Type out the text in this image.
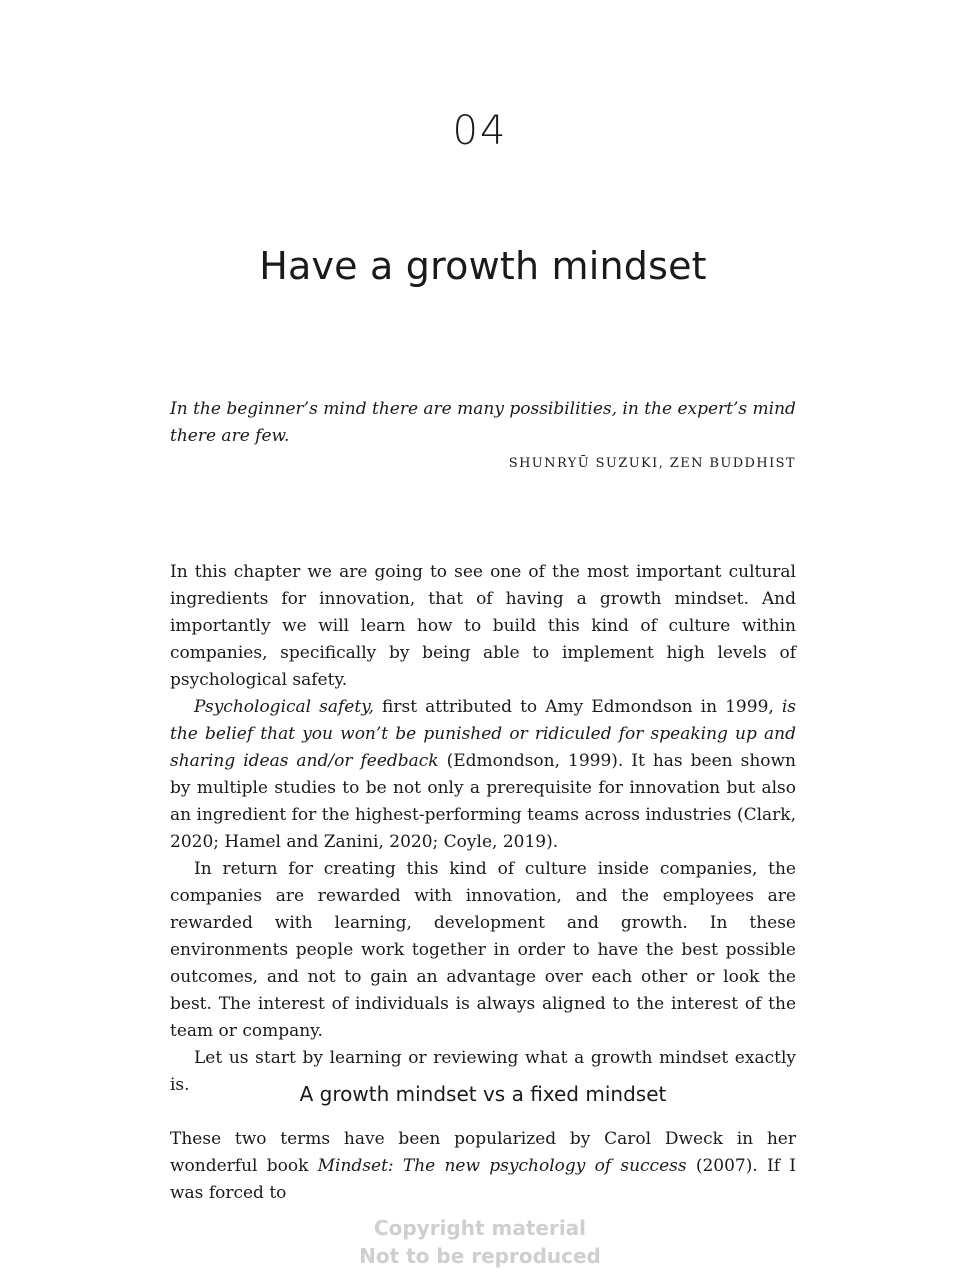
04
Have a growth mindset
In the beginner’s mind there are many possibilities, in the expert’s mind there are few.
SHUNRYŪ SUZUKI, ZEN BUDDHIST

In this chapter we are going to see one of the most important cultural ingredients for innovation, that of having a growth mindset. And importantly we will learn how to build this kind of culture within companies, specifically by being able to implement high levels of psychological safety.

Psychological safety, first attributed to Amy Edmondson in 1999, is the belief that you won’t be punished or ridiculed for speaking up and sharing ideas and/or feedback (Edmondson, 1999). It has been shown by multiple studies to be not only a prerequisite for innovation but also an ingredient for the highest-performing teams across industries (Clark, 2020; Hamel and Zanini, 2020; Coyle, 2019).

In return for creating this kind of culture inside companies, the companies are rewarded with innovation, and the employees are rewarded with learning, development and growth. In these environments people work together in order to have the best possible outcomes, and not to gain an advantage over each other or look the best. The interest of individuals is always aligned to the interest of the team or company.

Let us start by learning or reviewing what a growth mindset exactly is.	A growth mindset vs a fixed mindset

These two terms have been popularized by Carol Dweck in her wonderful book Mindset: The new psychology of success (2007). If I was forced to

Copyright material
Not to be reproduced
